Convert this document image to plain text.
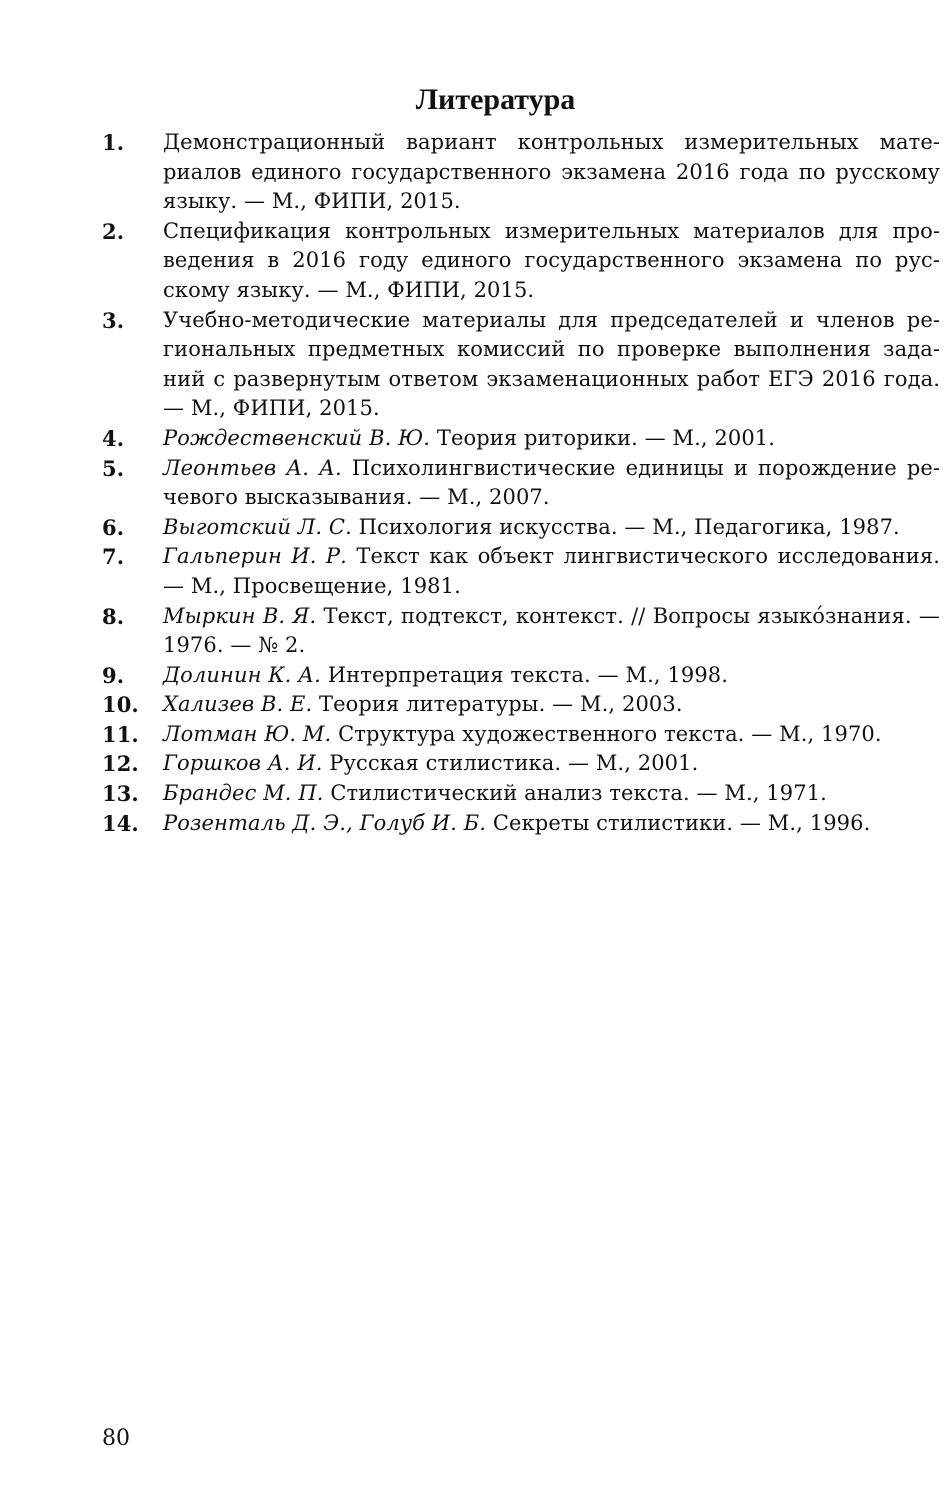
Литература
1.	Демонстрационный вариант контрольных измерительных материалов единого государственного экзамена 2016 года по русскому языку. — М., ФИПИ, 2015.
2.	Спецификация контрольных измерительных материалов для проведения в 2016 году единого государственного экзамена по русскому языку. — М., ФИПИ, 2015.
3.	Учебно-методические материалы для председателей и членов региональных предметных комиссий по проверке выполнения заданий с развернутым ответом экзаменационных работ ЕГЭ 2016 года. — М., ФИПИ, 2015.
4.	Рождественский В. Ю. Теория риторики. — М., 2001.
5.	Леонтьев А. А. Психолингвистические единицы и порождение речевого высказывания. — М., 2007.
6.	Выготский Л. С. Психология искусства. — М., Педагогика, 1987.
7.	Гальперин И. Р. Текст как объект лингвистического исследования. — М., Просвещение, 1981.
8.	Мыркин В. Я. Текст, подтекст, контекст. // Вопросы языко́знания. — 1976. — № 2.
9.	Долинин К. А. Интерпретация текста. — М., 1998.
10.	Хализев В. Е. Теория литературы. — М., 2003.
11.	Лотман Ю. М. Структура художественного текста. — М., 1970.
12.	Горшков А. И. Русская стилистика. — М., 2001.
13.	Брандес М. П. Стилистический анализ текста. — М., 1971.
14.	Розенталь Д. Э., Голуб И. Б. Секреты стилистики. — М., 1996.
80
